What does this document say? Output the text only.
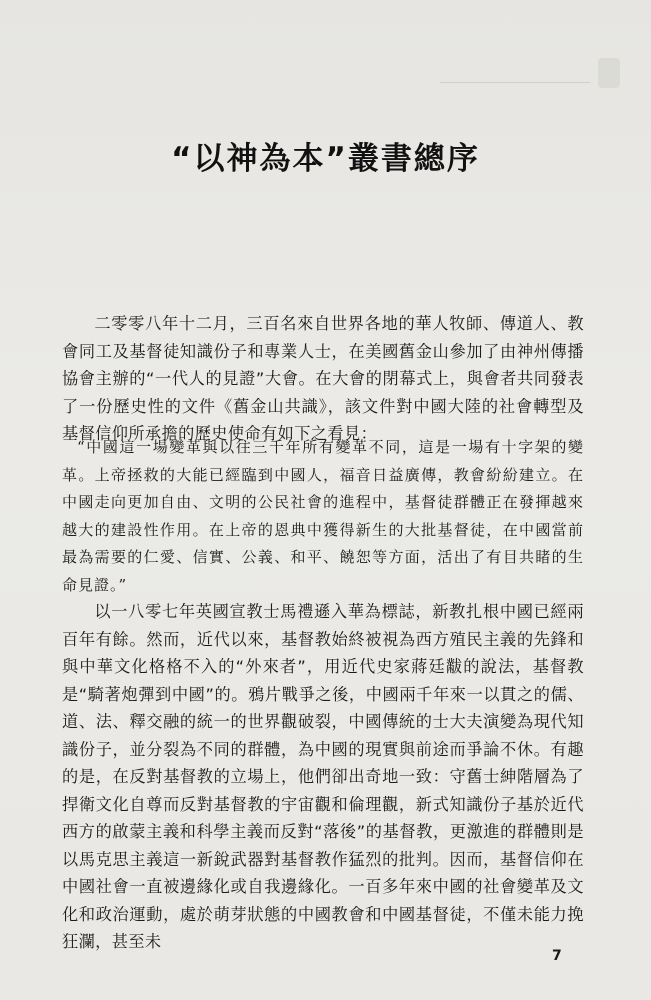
“以神為本”叢書總序

二零零八年十二月，三百名來自世界各地的華人牧師、傳道人、教會同工及基督徒知識份子和專業人士，在美國舊金山參加了由神州傳播協會主辦的“一代人的見證”大會。在大會的閉幕式上，與會者共同發表了一份歷史性的文件《舊金山共識》，該文件對中國大陸的社會轉型及基督信仰所承擔的歷史使命有如下之看見：

“中國這一場變革與以往三千年所有變革不同，這是一場有十字架的變革。上帝拯救的大能已經臨到中國人，福音日益廣傳，教會紛紛建立。在中國走向更加自由、文明的公民社會的進程中，基督徒群體正在發揮越來越大的建設性作用。在上帝的恩典中獲得新生的大批基督徒，在中國當前最為需要的仁愛、信實、公義、和平、饒恕等方面，活出了有目共睹的生命見證。”

以一八零七年英國宣教士馬禮遜入華為標誌，新教扎根中國已經兩百年有餘。然而，近代以來，基督教始終被視為西方殖民主義的先鋒和與中華文化格格不入的“外來者”，用近代史家蔣廷黻的說法，基督教是“騎著炮彈到中國”的。鴉片戰爭之後，中國兩千年來一以貫之的儒、道、法、釋交融的統一的世界觀破裂，中國傳統的士大夫演變為現代知識份子，並分裂為不同的群體，為中國的現實與前途而爭論不休。有趣的是，在反對基督教的立場上，他們卻出奇地一致：守舊士紳階層為了捍衛文化自尊而反對基督教的宇宙觀和倫理觀，新式知識份子基於近代西方的啟蒙主義和科學主義而反對“落後”的基督教，更激進的群體則是以馬克思主義這一新銳武器對基督教作猛烈的批判。因而，基督信仰在中國社會一直被邊緣化或自我邊緣化。一百多年來中國的社會變革及文化和政治運動，處於萌芽狀態的中國教會和中國基督徒，不僅未能力挽狂瀾，甚至未

7
